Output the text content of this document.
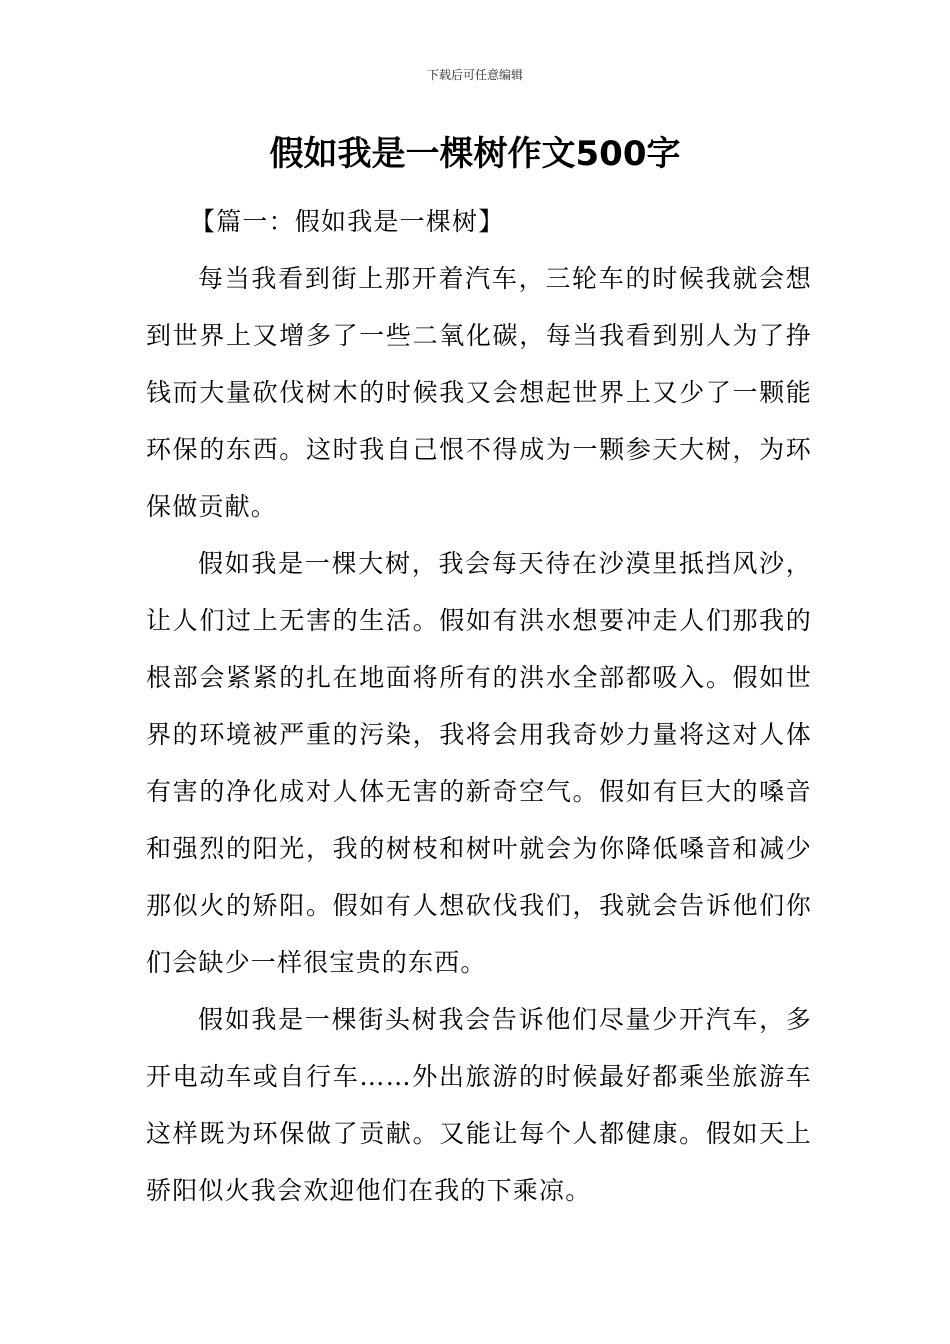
下载后可任意编辑
假如我是一棵树作文500字

【篇一：假如我是一棵树】

每当我看到街上那开着汽车，三轮车的时候我就会想到世界上又增多了一些二氧化碳，每当我看到别人为了挣钱而大量砍伐树木的时候我又会想起世界上又少了一颗能环保的东西。这时我自己恨不得成为一颗参天大树，为环保做贡献。

假如我是一棵大树，我会每天待在沙漠里抵挡风沙，让人们过上无害的生活。假如有洪水想要冲走人们那我的根部会紧紧的扎在地面将所有的洪水全部都吸入。假如世界的环境被严重的污染，我将会用我奇妙力量将这对人体有害的净化成对人体无害的新奇空气。假如有巨大的嗓音和强烈的阳光，我的树枝和树叶就会为你降低嗓音和减少那似火的矫阳。假如有人想砍伐我们，我就会告诉他们你们会缺少一样很宝贵的东西。

假如我是一棵街头树我会告诉他们尽量少开汽车，多开电动车或自行车……外出旅游的时候最好都乘坐旅游车这样既为环保做了贡献。又能让每个人都健康。假如天上骄阳似火我会欢迎他们在我的下乘凉。
